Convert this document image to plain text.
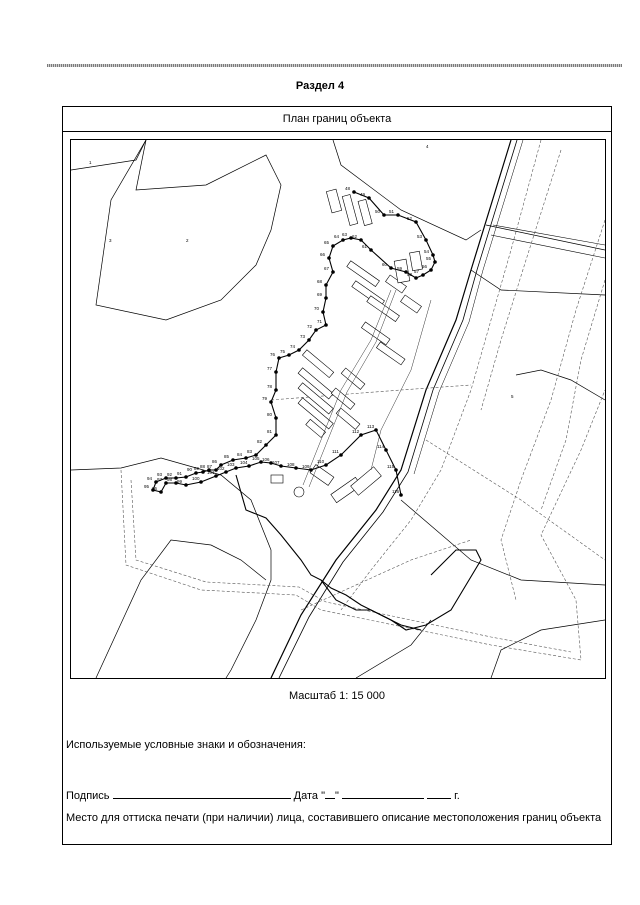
Раздел 4
План границ объекта
48
49
50 51
52
53
54
55
56
57
58
59
60
61
62
63
64
65
66
67
68
69
70
71
72
73
74
75
76
77
78
79
80
81
82
83
84
85
86
87
88
89
90
91
92
93
94
95 96
97 98 99
100
101
102
103 104
105 106
107 108 109
110
111
112
113
114
115
116
1
2
3
4
5
Масштаб 1: 15 000
Используемые условные знаки и обозначения:
Подпись	Дата " "	г.
Место для оттиска печати (при наличии) лица, составившего описание местоположения границ объекта
